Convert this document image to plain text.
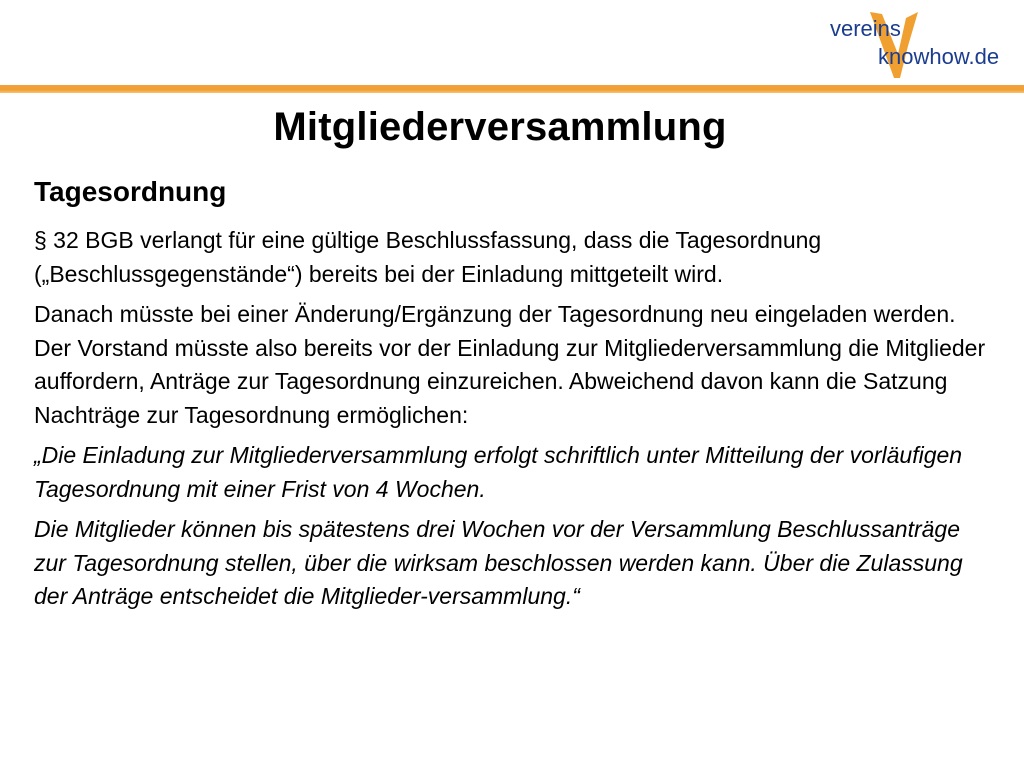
vereins
knowhow.de
Mitgliederversammlung
Tagesordnung

§ 32 BGB verlangt für eine gültige Beschlussfassung, dass die Tagesordnung („Beschlussgegenstände“) bereits bei der Einladung mittgeteilt wird.

Danach müsste bei einer Änderung/Ergänzung der Tagesordnung neu eingeladen werden. Der Vorstand müsste also bereits vor der Einladung zur Mitgliederversammlung die Mitglieder auffordern, Anträge zur Tagesordnung einzureichen. Abweichend davon kann die Satzung Nachträge zur Tagesordnung ermöglichen:

„Die Einladung zur Mitgliederversammlung erfolgt schriftlich unter Mitteilung der vorläufigen Tagesordnung mit einer Frist von 4 Wochen.

Die Mitglieder können bis spätestens drei Wochen vor der Versammlung Beschlussanträge zur Tagesordnung stellen, über die wirksam beschlossen werden kann. Über die Zulassung der Anträge entscheidet die Mitglieder-versammlung.“
